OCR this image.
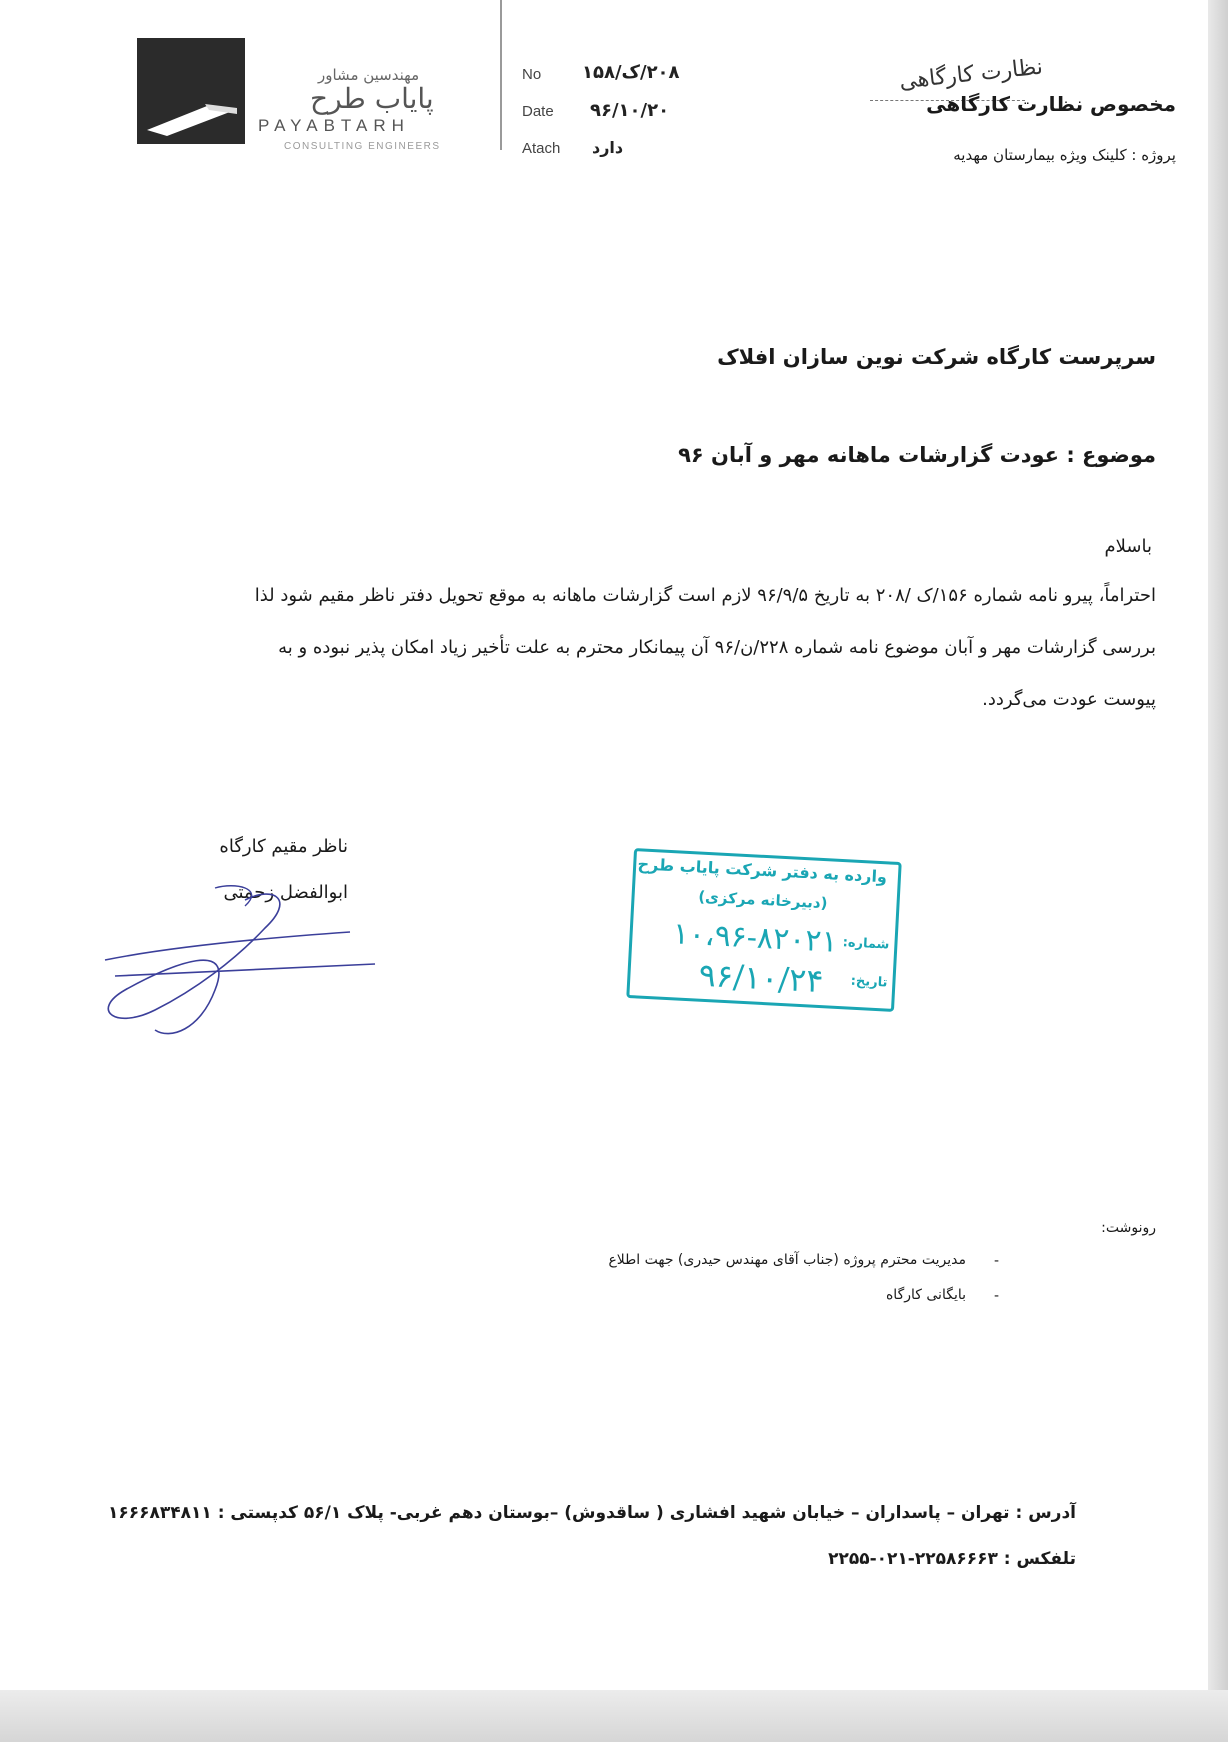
مهندسین مشاور
پایاب طرح
PAYABTARH
CONSULTING ENGINEERS
No ۲۰۸/ک/۱۵۸
Date ۹۶/۱۰/۲۰
Atach دارد
نظارت کارگاهی
مخصوص نظارت کارگاهی
پروژه : کلینک ویژه بیمارستان مهدیه
سرپرست کارگاه شرکت نوین سازان افلاک
موضوع : عودت گزارشات ماهانه مهر و آبان ۹۶
باسلام
احتراماً، پیرو نامه شماره ۱۵۶/ک /۲۰۸ به تاریخ ۹۶/۹/۵ لازم است گزارشات ماهانه به موقع تحویل دفتر ناظر مقیم شود لذا
بررسی گزارشات مهر و آبان موضوع نامه شماره ۲۲۸/ن/۹۶ آن پیمانکار محترم به علت تأخیر زیاد امکان پذیر نبوده و به
پیوست عودت می‌گردد.
ناظر مقیم کارگاه
ابوالفضل زحمتی
وارده به دفتر شرکت پایاب طرح
(دبیرخانه مرکزی)
شماره:
۱۰،۹۶-۸۲۰۲۱
تاریخ:
۹۶/۱۰/۲۴
رونوشت:
-
مدیریت محترم پروژه (جناب آقای مهندس حیدری) جهت اطلاع
-
بایگانی کارگاه
آدرس : تهران – پاسداران – خیابان شهید افشاری ( ساقدوش) –بوستان دهم غربی- پلاک ۵۶/۱ کدپستی : ۱۶۶۶۸۳۴۸۱۱
تلفکس : ۲۲۵۸۶۶۶۳-۰۲۱-۲۲۵۵
